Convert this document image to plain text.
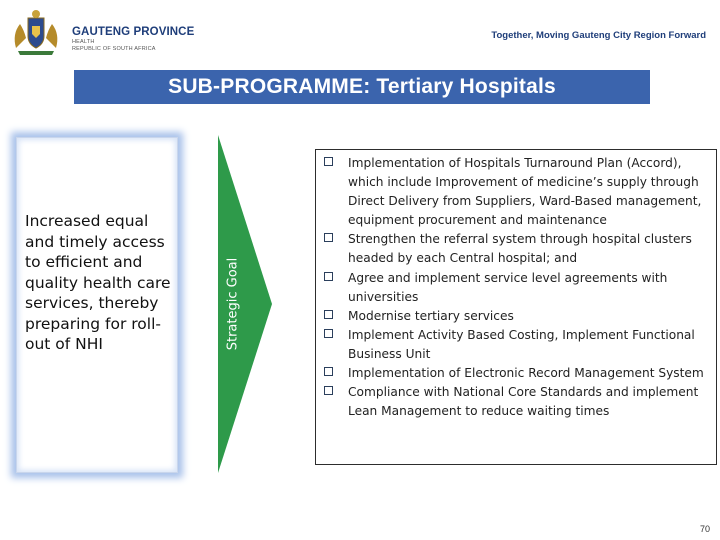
GAUTENG PROVINCE
HEALTH
REPUBLIC OF SOUTH AFRICA
Together, Moving Gauteng City Region Forward
SUB-PROGRAMME: Tertiary Hospitals
Increased equal and timely access to efficient and quality health care services, thereby preparing for roll-out of NHI	Strategic Goal
Implementation of Hospitals Turnaround Plan (Accord), which include Improvement of medicine’s supply through Direct Delivery from Suppliers, Ward-Based management, equipment procurement and maintenance
Strengthen the referral system through hospital clusters headed by each Central hospital; and
Agree and implement service level agreements with universities
Modernise tertiary services
Implement Activity Based Costing, Implement Functional Business Unit
Implementation of Electronic Record Management System
Compliance with National Core Standards and implement Lean Management to reduce waiting times
70
